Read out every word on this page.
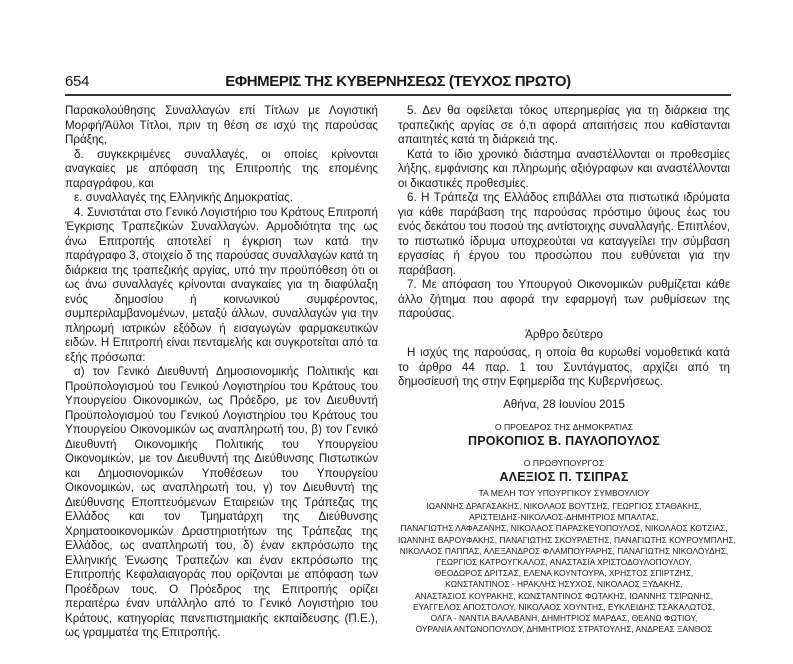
654	ΕΦΗΜΕΡΙΣ ΤΗΣ ΚΥΒΕΡΝΗΣΕΩΣ (ΤΕΥΧΟΣ ΠΡΩΤΟ)

Παρακολούθησης Συναλλαγών επί Τίτλων με Λογιστική Μορφή/Άϋλοι Τίτλοι, πριν τη θέση σε ισχύ της παρούσας Πράξης,

δ. συγκεκριμένες συναλλαγές, οι οποίες κρίνονται αναγκαίες με απόφαση της Επιτροπής της επομένης παραγράφου, και

ε. συναλλαγές της Ελληνικής Δημοκρατίας.

4. Συνιστάται στο Γενικό Λογιστήριο του Κράτους Επιτροπή Έγκρισης Τραπεζικών Συναλλαγών. Αρμοδιότητα της ως άνω Επιτροπής αποτελεί η έγκριση των κατά την παράγραφο 3, στοιχείο δ της παρούσας συναλλαγών κατά τη διάρκεια της τραπεζικής αργίας, υπό την προϋπόθεση ότι οι ως άνω συναλλαγές κρίνονται αναγκαίες για τη διαφύλαξη ενός δημοσίου ή κοινωνικού συμφέροντος, συμπεριλαμβανομένων, μεταξύ άλλων, συναλλαγών για την πληρωμή ιατρικών εξόδων ή εισαγωγών φαρμακευτικών ειδών. Η Επιτροπή είναι πενταμελής και συγκροτείται από τα εξής πρόσωπα:

α) τον Γενικό Διευθυντή Δημοσιονομικής Πολιτικής και Προϋπολογισμού του Γενικού Λογιστηρίου του Κράτους του Υπουργείου Οικονομικών, ως Πρόεδρο, με τον Διευθυντή Προϋπολογισμού του Γενικού Λογιστηρίου του Κράτους του Υπουργείου Οικονομικών ως αναπληρωτή του, β) τον Γενικό Διευθυντή Οικονομικής Πολιτικής του Υπουργείου Οικονομικών, με τον Διευθυντή της Διεύθυνσης Πιστωτικών και Δημοσιονομικών Υποθέσεων του Υπουργείου Οικονομικών, ως αναπληρωτή του, γ) τον Διευθυντή της Διεύθυνσης Εποπτευόμενων Εταιρειών της Τράπεζας της Ελλάδος και τον Τμηματάρχη της Διεύθυνσης Χρηματοοικονομικών Δραστηριοτήτων της Τράπεζας της Ελλάδος, ως αναπληρωτή του, δ) έναν εκπρόσωπο της Ελληνικής Ένωσης Τραπεζών και έναν εκπρόσωπο της Επιτροπής Κεφαλαιαγοράς που ορίζονται με απόφαση των Προέδρων τους. Ο Πρόεδρος της Επιτροπής ορίζει περαιτέρω έναν υπάλληλο από το Γενικό Λογιστήριο του Κράτους, κατηγορίας πανεπιστημιακής εκπαίδευσης (Π.Ε.), ως γραμματέα της Επιτροπής.

5. Δεν θα οφείλεται τόκος υπερημερίας για τη διάρκεια της τραπεζικής αργίας σε ό,τι αφορά απαιτήσεις που καθίστανται απαιτητές κατά τη διάρκειά της.

Κατά το ίδιο χρονικό διάστημα αναστέλλονται οι προθεσμίες λήξης, εμφάνισης και πληρωμής αξιόγραφων και αναστέλλονται οι δικαστικές προθεσμίες.

6. Η Τράπεζα της Ελλάδος επιβάλλει στα πιστωτικά ιδρύματα για κάθε παράβαση της παρούσας πρόστιμο ύψους έως του ενός δεκάτου του ποσού της αντίστοιχης συναλλαγής. Επιπλέον, το πιστωτικό ίδρυμα υποχρεούται να καταγγείλει την σύμβαση εργασίας ή έργου του προσώπου που ευθύνεται για την παράβαση.

7. Με απόφαση του Υπουργού Οικονομικών ρυθμίζεται κάθε άλλο ζήτημα που αφορά την εφαρμογή των ρυθμίσεων της παρούσας.

Άρθρο δεύτερο

Η ισχύς της παρούσας, η οποία θα κυρωθεί νομοθετικά κατά το άρθρο 44 παρ. 1 του Συντάγματος, αρχίζει από τη δημοσίευσή της στην Εφημερίδα της Κυβερνήσεως.

Αθήνα, 28 Ιουνίου 2015

Ο ΠΡΟΕΔΡΟΣ ΤΗΣ ΔΗΜΟΚΡΑΤΙΑΣ

ΠΡΟΚΟΠΙΟΣ Β. ΠΑΥΛΟΠΟΥΛΟΣ

Ο ΠΡΩΘΥΠΟΥΡΓΟΣ

ΑΛΕΞΙΟΣ Π. ΤΣΙΠΡΑΣ

ΤΑ ΜΕΛΗ ΤΟΥ ΥΠΟΥΡΓΙΚΟΥ ΣΥΜΒΟΥΛΙΟΥ

ΙΩΑΝΝΗΣ ΔΡΑΓΑΣΑΚΗΣ, ΝΙΚΟΛΑΟΣ ΒΟΥΤΣΗΣ, ΓΕΩΡΓΙΟΣ ΣΤΑΘΑΚΗΣ,
ΑΡΙΣΤΕΙΔΗΣ-ΝΙΚΟΛΑΟΣ-ΔΗΜΗΤΡΙΟΣ ΜΠΑΛΤΑΣ,
ΠΑΝΑΓΙΩΤΗΣ ΛΑΦΑΖΑΝΗΣ, ΝΙΚΟΛΑΟΣ ΠΑΡΑΣΚΕΥΟΠΟΥΛΟΣ, ΝΙΚΟΛΑΟΣ ΚΟΤΖΙΑΣ,
ΙΩΑΝΝΗΣ ΒΑΡΟΥΦΑΚΗΣ, ΠΑΝΑΓΙΩΤΗΣ ΣΚΟΥΡΛΕΤΗΣ, ΠΑΝΑΓΙΩΤΗΣ ΚΟΥΡΟΥΜΠΛΗΣ,
ΝΙΚΟΛΑΟΣ ΠΑΠΠΑΣ, ΑΛΕΞΑΝΔΡΟΣ ΦΛΑΜΠΟΥΡΑΡΗΣ, ΠΑΝΑΓΙΩΤΗΣ ΝΙΚΟΛΟΥΔΗΣ,
ΓΕΩΡΓΙΟΣ ΚΑΤΡΟΥΓΚΑΛΟΣ, ΑΝΑΣΤΑΣΙΑ ΧΡΙΣΤΟΔΟΥΛΟΠΟΥΛΟΥ,
ΘΕΟΔΩΡΟΣ ΔΡΙΤΣΑΣ, ΕΛΕΝΑ ΚΟΥΝΤΟΥΡΑ, ΧΡΗΣΤΟΣ ΣΠΙΡΤΖΗΣ,
ΚΩΝΣΤΑΝΤΙΝΟΣ - ΗΡΑΚΛΗΣ ΗΣΥΧΟΣ, ΝΙΚΟΛΑΟΣ ΞΥΔΑΚΗΣ,
ΑΝΑΣΤΑΣΙΟΣ ΚΟΥΡΑΚΗΣ, ΚΩΝΣΤΑΝΤΙΝΟΣ ΦΩΤΑΚΗΣ, ΙΩΑΝΝΗΣ ΤΣΙΡΩΝΗΣ,
ΕΥΑΓΓΕΛΟΣ ΑΠΟΣΤΟΛΟΥ, ΝΙΚΟΛΑΟΣ ΧΟΥΝΤΗΣ, ΕΥΚΛΕΙΔΗΣ ΤΣΑΚΑΛΩΤΟΣ,
ΟΛΓΑ - ΝΑΝΤΙΑ ΒΑΛΑΒΑΝΗ, ΔΗΜΗΤΡΙΟΣ ΜΑΡΔΑΣ, ΘΕΑΝΩ ΦΩΤΙΟΥ,
ΟΥΡΑΝΙΑ ΑΝΤΩΝΟΠΟΥΛΟΥ, ΔΗΜΗΤΡΙΟΣ ΣΤΡΑΤΟΥΛΗΣ, ΑΝΔΡΕΑΣ ΞΑΝΘΟΣ
